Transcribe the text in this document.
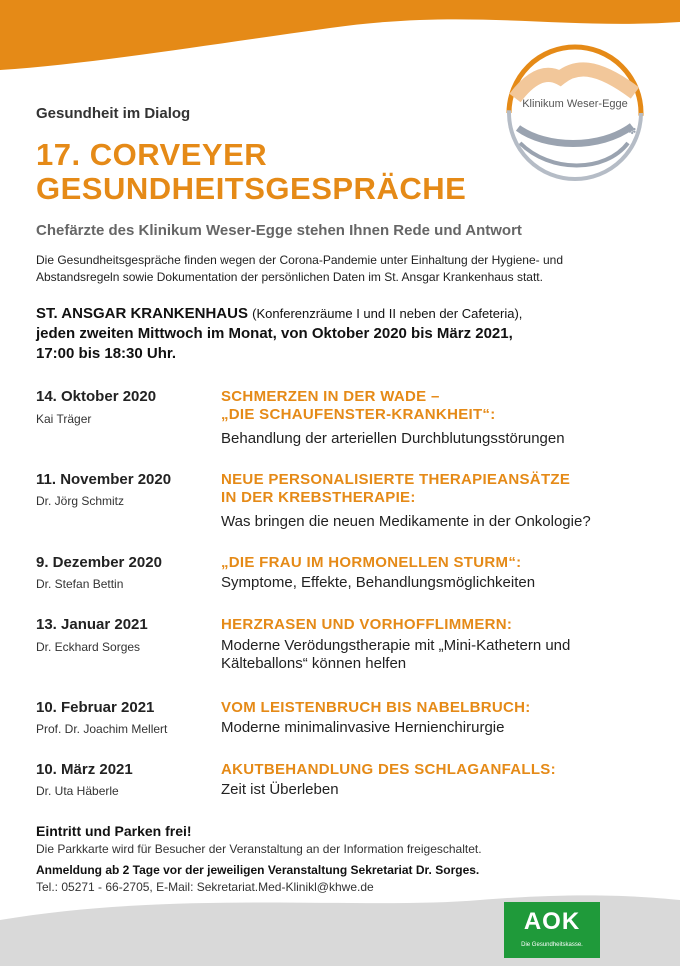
✽
Klinikum Weser-Egge
Gesundheit im Dialog
17. CORVEYER
GESUNDHEITSGESPRÄCHE
Chefärzte des Klinikum Weser-Egge stehen Ihnen Rede und Antwort
Die Gesundheitsgespräche finden wegen der Corona-Pandemie unter Einhaltung der Hygiene- und
Abstandsregeln sowie Dokumentation der persönlichen Daten im St. Ansgar Krankenhaus statt.
ST. ANSGAR KRANKENHAUS (Konferenzräume I und II neben der Cafeteria),
jeden zweiten Mittwoch im Monat, von Oktober 2020 bis März 2021,
17:00 bis 18:30 Uhr.
14. Oktober 2020
Kai Träger
SCHMERZEN IN DER WADE –
„DIE SCHAUFENSTER-KRANKHEIT“:
Behandlung der arteriellen Durchblutungsstörungen
11. November 2020
Dr. Jörg Schmitz
NEUE PERSONALISIERTE THERAPIEANSÄTZE
IN DER KREBSTHERAPIE:
Was bringen die neuen Medikamente in der Onkologie?
9. Dezember 2020
Dr. Stefan Bettin
„DIE FRAU IM HORMONELLEN STURM“:
Symptome, Effekte, Behandlungsmöglichkeiten
13. Januar 2021
Dr. Eckhard Sorges
HERZRASEN UND VORHOFFLIMMERN:
Moderne Verödungstherapie mit „Mini-Kathetern und
Kälteballons“ können helfen
10. Februar 2021
Prof. Dr. Joachim Mellert
VOM LEISTENBRUCH BIS NABELBRUCH:
Moderne minimalinvasive Hernienchirurgie
10. März 2021
Dr. Uta Häberle
AKUTBEHANDLUNG DES SCHLAGANFALLS:
Zeit ist Überleben
Eintritt und Parken frei!
Die Parkkarte wird für Besucher der Veranstaltung an der Information freigeschaltet.
Anmeldung ab 2 Tage vor der jeweiligen Veranstaltung Sekretariat Dr. Sorges.
Tel.: 05271 - 66-2705, E-Mail: Sekretariat.Med-Klinikl@khwe.de
AOK
Die Gesundheitskasse.
